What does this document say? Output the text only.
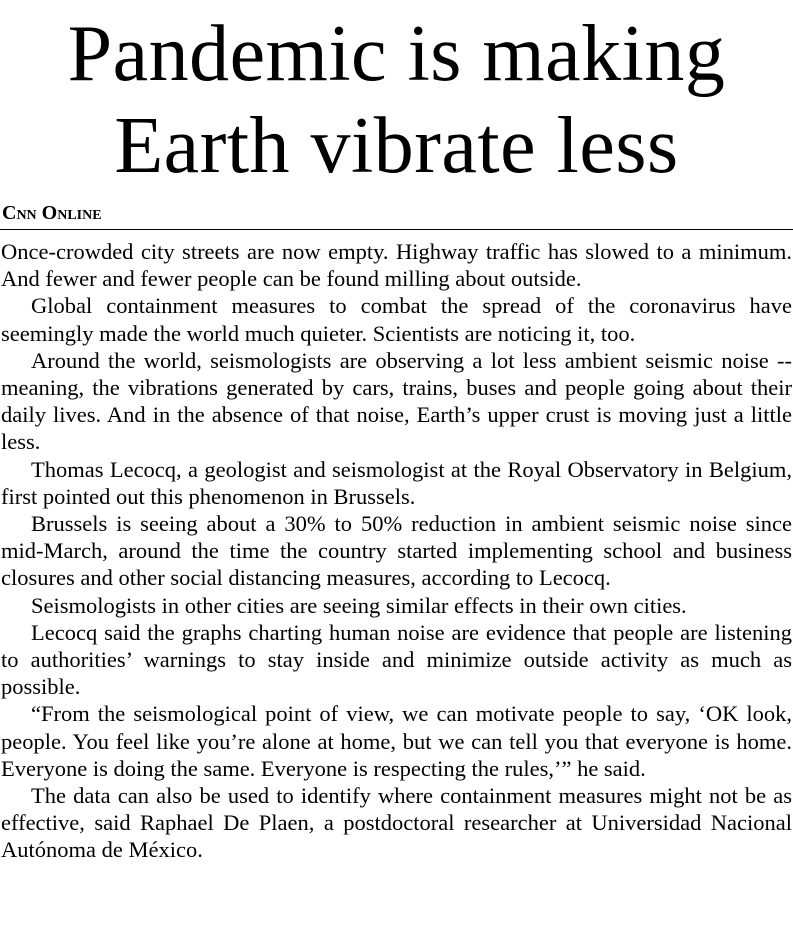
Pandemic is making
Earth vibrate less
Cnn Online

Once-crowded city streets are now empty. Highway traffic has slowed to a minimum. And fewer and fewer people can be found milling about outside.

Global containment measures to combat the spread of the coronavirus have seemingly made the world much quieter. Scientists are noticing it, too.

Around the world, seismologists are observing a lot less ambient seismic noise -- meaning, the vibrations generated by cars, trains, buses and people going about their daily lives. And in the absence of that noise, Earth’s upper crust is moving just a little less.

Thomas Lecocq, a geologist and seismologist at the Royal Observatory in Belgium, first pointed out this phenomenon in Brussels.

Brussels is seeing about a 30% to 50% reduction in ambient seismic noise since mid-March, around the time the country started implementing school and business closures and other social distancing measures, according to Lecocq.

Seismologists in other cities are seeing similar effects in their own cities.

Lecocq said the graphs charting human noise are evidence that people are listening to authorities’ warnings to stay inside and minimize outside activity as much as possible.

“From the seismological point of view, we can motivate people to say, ‘OK look, people. You feel like you’re alone at home, but we can tell you that everyone is home. Everyone is doing the same. Everyone is respecting the rules,’” he said.

The data can also be used to identify where containment measures might not be as effective, said Raphael De Plaen, a postdoctoral researcher at Universidad Nacional Autónoma de México.
